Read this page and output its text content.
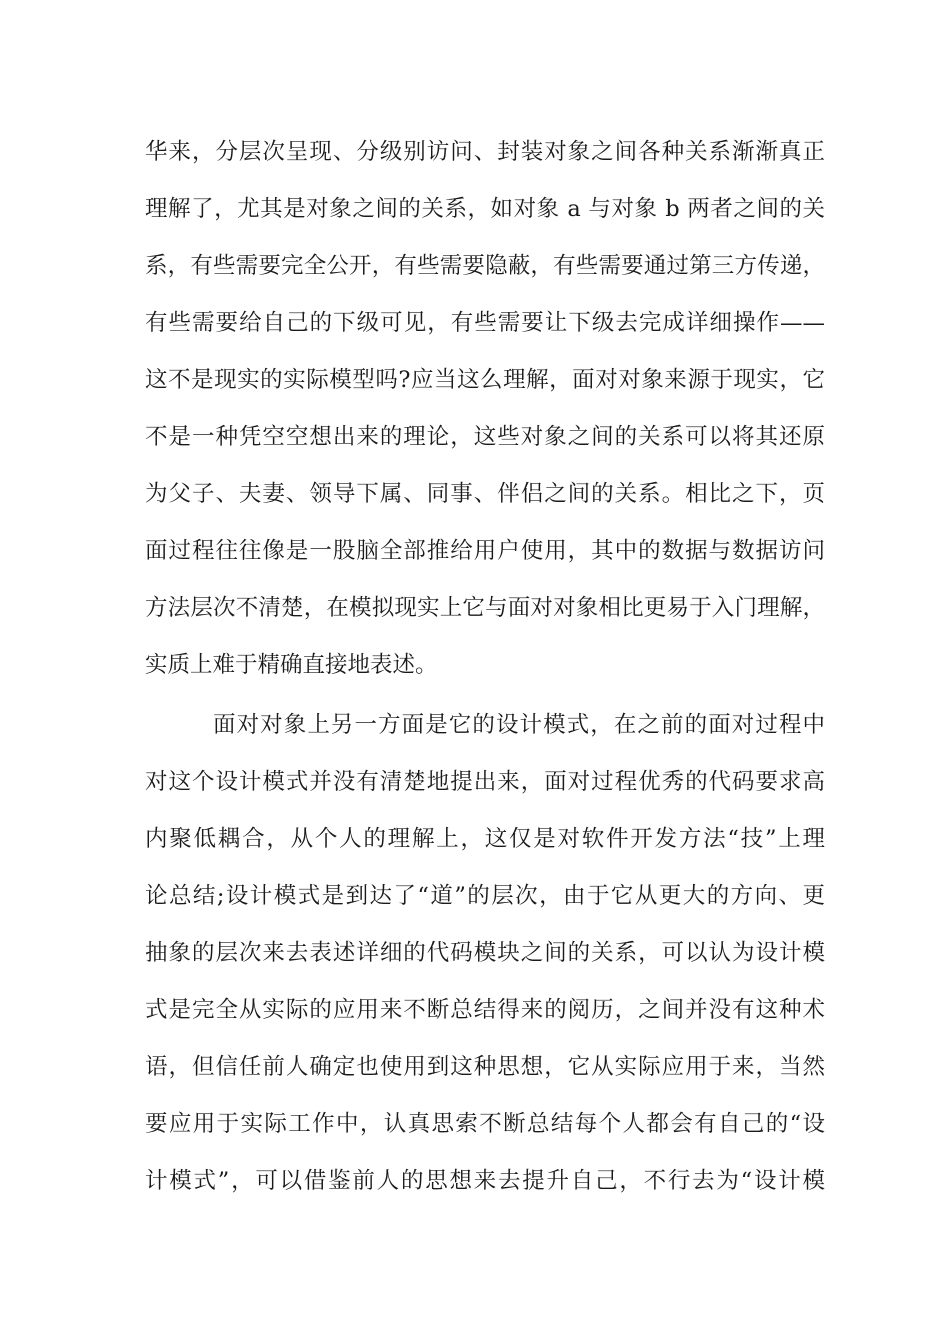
华来，分层次呈现、分级别访问、封装对象之间各种关系渐渐真正
理解了，尤其是对象之间的关系，如对象 a 与对象 b 两者之间的关
系，有些需要完全公开，有些需要隐蔽，有些需要通过第三方传递，
有些需要给自己的下级可见，有些需要让下级去完成详细操作——
这不是现实的实际模型吗?应当这么理解，面对对象来源于现实，它
不是一种凭空空想出来的理论，这些对象之间的关系可以将其还原
为父子、夫妻、领导下属、同事、伴侣之间的关系。相比之下，页
面过程往往像是一股脑全部推给用户使用，其中的数据与数据访问
方法层次不清楚，在模拟现实上它与面对对象相比更易于入门理解，
实质上难于精确直接地表述。
面对对象上另一方面是它的设计模式，在之前的面对过程中
对这个设计模式并没有清楚地提出来，面对过程优秀的代码要求高
内聚低耦合，从个人的理解上，这仅是对软件开发方法“技”上理
论总结;设计模式是到达了“道”的层次，由于它从更大的方向、更
抽象的层次来去表述详细的代码模块之间的关系，可以认为设计模
式是完全从实际的应用来不断总结得来的阅历，之间并没有这种术
语，但信任前人确定也使用到这种思想，它从实际应用于来，当然
要应用于实际工作中，认真思索不断总结每个人都会有自己的“设
计模式”，可以借鉴前人的思想来去提升自己，不行去为“设计模
